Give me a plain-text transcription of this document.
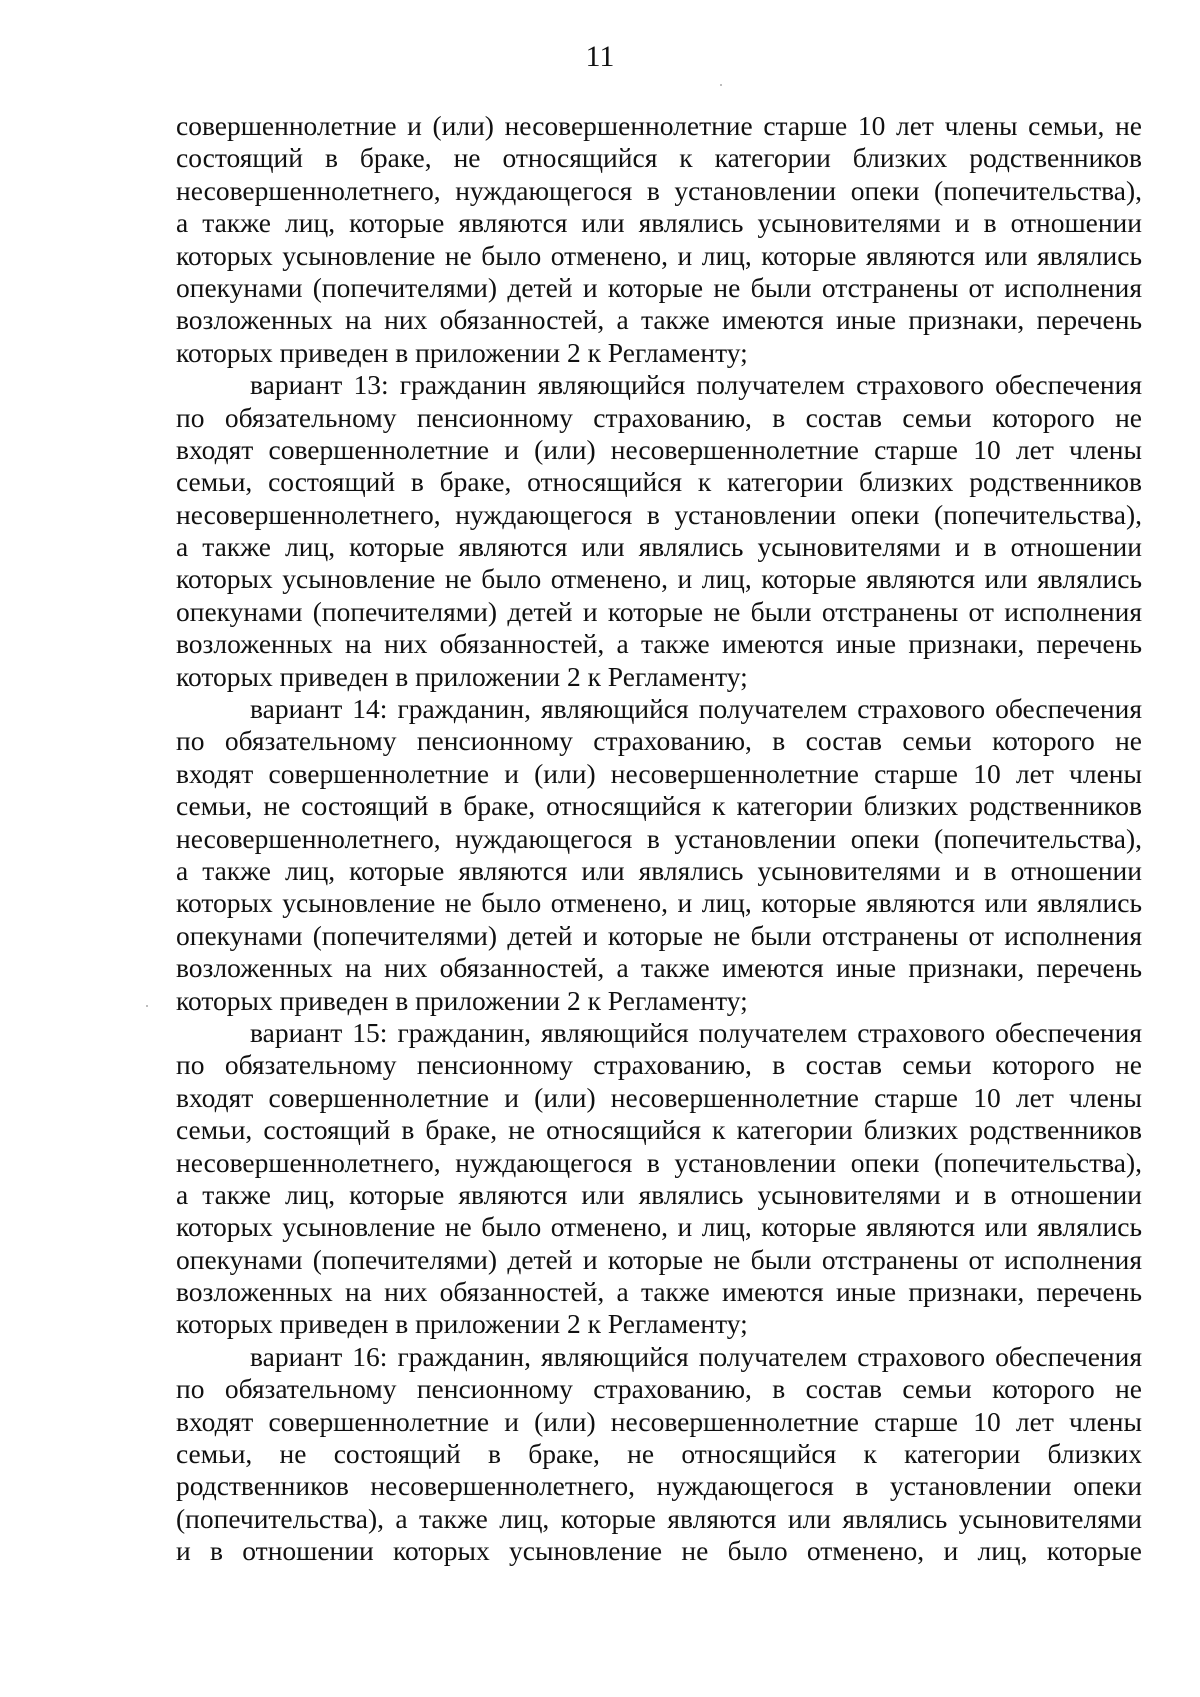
11
совершеннолетние и (или) несовершеннолетние старше 10 лет члены семьи, не
состоящий в браке, не относящийся к категории близких родственников
несовершеннолетнего, нуждающегося в установлении опеки (попечительства),
а также лиц, которые являются или являлись усыновителями и в отношении
которых усыновление не было отменено, и лиц, которые являются или являлись
опекунами (попечителями) детей и которые не были отстранены от исполнения
возложенных на них обязанностей, а также имеются иные признаки, перечень
которых приведен в приложении 2 к Регламенту;
вариант 13: гражданин являющийся получателем страхового обеспечения
по обязательному пенсионному страхованию, в состав семьи которого не
входят совершеннолетние и (или) несовершеннолетние старше 10 лет члены
семьи, состоящий в браке, относящийся к категории близких родственников
несовершеннолетнего, нуждающегося в установлении опеки (попечительства),
а также лиц, которые являются или являлись усыновителями и в отношении
которых усыновление не было отменено, и лиц, которые являются или являлись
опекунами (попечителями) детей и которые не были отстранены от исполнения
возложенных на них обязанностей, а также имеются иные признаки, перечень
которых приведен в приложении 2 к Регламенту;
вариант 14: гражданин, являющийся получателем страхового обеспечения
по обязательному пенсионному страхованию, в состав семьи которого не
входят совершеннолетние и (или) несовершеннолетние старше 10 лет члены
семьи, не состоящий в браке, относящийся к категории близких родственников
несовершеннолетнего, нуждающегося в установлении опеки (попечительства),
а также лиц, которые являются или являлись усыновителями и в отношении
которых усыновление не было отменено, и лиц, которые являются или являлись
опекунами (попечителями) детей и которые не были отстранены от исполнения
возложенных на них обязанностей, а также имеются иные признаки, перечень
которых приведен в приложении 2 к Регламенту;
вариант 15: гражданин, являющийся получателем страхового обеспечения
по обязательному пенсионному страхованию, в состав семьи которого не
входят совершеннолетние и (или) несовершеннолетние старше 10 лет члены
семьи, состоящий в браке, не относящийся к категории близких родственников
несовершеннолетнего, нуждающегося в установлении опеки (попечительства),
а также лиц, которые являются или являлись усыновителями и в отношении
которых усыновление не было отменено, и лиц, которые являются или являлись
опекунами (попечителями) детей и которые не были отстранены от исполнения
возложенных на них обязанностей, а также имеются иные признаки, перечень
которых приведен в приложении 2 к Регламенту;
вариант 16: гражданин, являющийся получателем страхового обеспечения
по обязательному пенсионному страхованию, в состав семьи которого не
входят совершеннолетние и (или) несовершеннолетние старше 10 лет члены
семьи, не состоящий в браке, не относящийся к категории близких
родственников несовершеннолетнего, нуждающегося в установлении опеки
(попечительства), а также лиц, которые являются или являлись усыновителями
и в отношении которых усыновление не было отменено, и лиц, которые
